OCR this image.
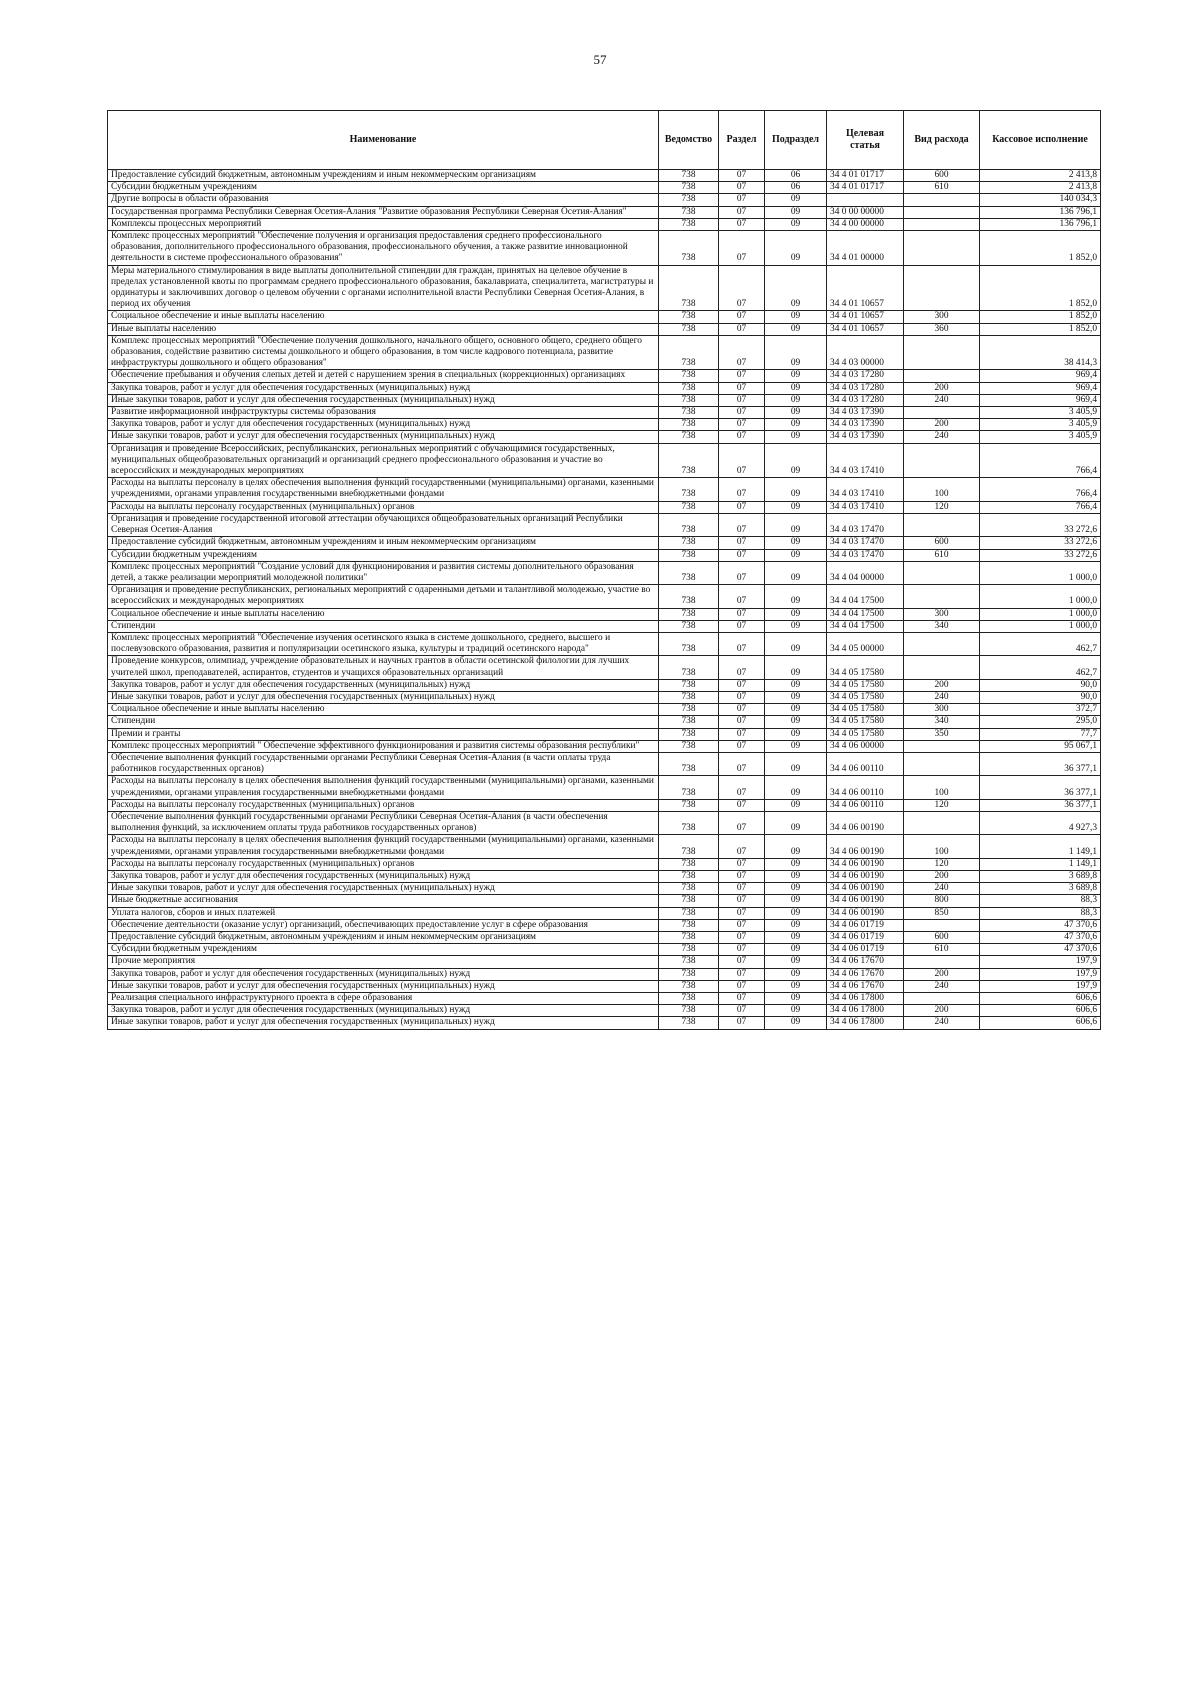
57
Наименование	Ведомство	Раздел	Подраздел	Целевая статья	Вид расхода	Кассовое исполнение
Предоставление субсидий бюджетным, автономным учреждениям и иным некоммерческим организациям	738	07	06	34 4 01 01717	600	2 413,8
Субсидии бюджетным учреждениям	738	07	06	34 4 01 01717	610	2 413,8
Другие вопросы в области образования	738	07	09			140 034,3
Государственная программа Республики Северная Осетия-Алания "Развитие образования Республики Северная Осетия-Алания"	738	07	09	34 0 00 00000		136 796,1
Комплексы процессных мероприятий	738	07	09	34 4 00 00000		136 796,1
Комплекс процессных мероприятий "Обеспечение получения и организация предоставления среднего профессионального образования, дополнительного профессионального образования, профессионального обучения, а также развитие инновационной деятельности в системе профессионального образования"	738	07	09	34 4 01 00000		1 852,0
Меры материального стимулирования в виде выплаты дополнительной стипендии для граждан, принятых на целевое обучение в пределах установленной квоты по программам среднего профессионального образования, бакалавриата, специалитета, магистратуры и ординатуры и заключивших договор о целевом обучении с органами исполнительной власти Республики Северная Осетия-Алания, в период их обучения	738	07	09	34 4 01 10657		1 852,0
Социальное обеспечение и иные выплаты населению	738	07	09	34 4 01 10657	300	1 852,0
Иные выплаты населению	738	07	09	34 4 01 10657	360	1 852,0
Комплекс процессных мероприятий "Обеспечение получения дошкольного, начального общего, основного общего, среднего общего образования, содействие развитию системы дошкольного и общего образования, в том числе кадрового потенциала, развитие инфраструктуры дошкольного и общего образования"	738	07	09	34 4 03 00000		38 414,3
Обеспечение пребывания и обучения слепых детей и детей с нарушением зрения в специальных (коррекционных) организациях	738	07	09	34 4 03 17280		969,4
Закупка товаров, работ и услуг для обеспечения государственных (муниципальных) нужд	738	07	09	34 4 03 17280	200	969,4
Иные закупки товаров, работ и услуг для обеспечения государственных (муниципальных) нужд	738	07	09	34 4 03 17280	240	969,4
Развитие информационной инфраструктуры системы образования	738	07	09	34 4 03 17390		3 405,9
Закупка товаров, работ и услуг для обеспечения государственных (муниципальных) нужд	738	07	09	34 4 03 17390	200	3 405,9
Иные закупки товаров, работ и услуг для обеспечения государственных (муниципальных) нужд	738	07	09	34 4 03 17390	240	3 405,9
Организация и проведение Всероссийских, республиканских, региональных мероприятий с обучающимися государственных, муниципальных общеобразовательных организаций и организаций среднего профессионального образования и участие во всероссийских и международных мероприятиях	738	07	09	34 4 03 17410		766,4
Расходы на выплаты персоналу в целях обеспечения выполнения функций государственными (муниципальными) органами, казенными учреждениями, органами управления государственными внебюджетными фондами	738	07	09	34 4 03 17410	100	766,4
Расходы на выплаты персоналу государственных (муниципальных) органов	738	07	09	34 4 03 17410	120	766,4
Организация и проведение государственной итоговой аттестации обучающихся общеобразовательных организаций Республики Северная Осетия-Алания	738	07	09	34 4 03 17470		33 272,6
Предоставление субсидий бюджетным, автономным учреждениям и иным некоммерческим организациям	738	07	09	34 4 03 17470	600	33 272,6
Субсидии бюджетным учреждениям	738	07	09	34 4 03 17470	610	33 272,6
Комплекс процессных мероприятий "Создание условий для функционирования и развития системы дополнительного образования детей, а также реализации мероприятий молодежной политики"	738	07	09	34 4 04 00000		1 000,0
Организация и проведение республиканских, региональных мероприятий с одаренными детьми и талантливой молодежью, участие во всероссийских и международных мероприятиях	738	07	09	34 4 04 17500		1 000,0
Социальное обеспечение и иные выплаты населению	738	07	09	34 4 04 17500	300	1 000,0
Стипендии	738	07	09	34 4 04 17500	340	1 000,0
Комплекс процессных мероприятий "Обеспечение изучения осетинского языка в системе дошкольного, среднего, высшего и послевузовского образования, развития и популяризации осетинского языка, культуры и традиций осетинского народа"	738	07	09	34 4 05 00000		462,7
Проведение конкурсов, олимпиад, учреждение образовательных и научных грантов в области осетинской филологии для лучших учителей школ, преподавателей, аспирантов, студентов и учащихся образовательных организаций	738	07	09	34 4 05 17580		462,7
Закупка товаров, работ и услуг для обеспечения государственных (муниципальных) нужд	738	07	09	34 4 05 17580	200	90,0
Иные закупки товаров, работ и услуг для обеспечения государственных (муниципальных) нужд	738	07	09	34 4 05 17580	240	90,0
Социальное обеспечение и иные выплаты населению	738	07	09	34 4 05 17580	300	372,7
Стипендии	738	07	09	34 4 05 17580	340	295,0
Премии и гранты	738	07	09	34 4 05 17580	350	77,7
Комплекс процессных мероприятий " Обеспечение эффективного функционирования и развития системы образования республики"	738	07	09	34 4 06 00000		95 067,1
Обеспечение выполнения функций государственными органами Республики Северная Осетия-Алания (в части оплаты труда работников государственных органов)	738	07	09	34 4 06 00110		36 377,1
Расходы на выплаты персоналу в целях обеспечения выполнения функций государственными (муниципальными) органами, казенными учреждениями, органами управления государственными внебюджетными фондами	738	07	09	34 4 06 00110	100	36 377,1
Расходы на выплаты персоналу государственных (муниципальных) органов	738	07	09	34 4 06 00110	120	36 377,1
Обеспечение выполнения функций государственными органами Республики Северная Осетия-Алания (в части обеспечения выполнения функций, за исключением оплаты труда работников государственных органов)	738	07	09	34 4 06 00190		4 927,3
Расходы на выплаты персоналу в целях обеспечения выполнения функций государственными (муниципальными) органами, казенными учреждениями, органами управления государственными внебюджетными фондами	738	07	09	34 4 06 00190	100	1 149,1
Расходы на выплаты персоналу государственных (муниципальных) органов	738	07	09	34 4 06 00190	120	1 149,1
Закупка товаров, работ и услуг для обеспечения государственных (муниципальных) нужд	738	07	09	34 4 06 00190	200	3 689,8
Иные закупки товаров, работ и услуг для обеспечения государственных (муниципальных) нужд	738	07	09	34 4 06 00190	240	3 689,8
Иные бюджетные ассигнования	738	07	09	34 4 06 00190	800	88,3
Уплата налогов, сборов и иных платежей	738	07	09	34 4 06 00190	850	88,3
Обеспечение деятельности (оказание услуг) организаций, обеспечивающих предоставление услуг в сфере образования	738	07	09	34 4 06 01719		47 370,6
Предоставление субсидий бюджетным, автономным учреждениям и иным некоммерческим организациям	738	07	09	34 4 06 01719	600	47 370,6
Субсидии бюджетным учреждениям	738	07	09	34 4 06 01719	610	47 370,6
Прочие мероприятия	738	07	09	34 4 06 17670		197,9
Закупка товаров, работ и услуг для обеспечения государственных (муниципальных) нужд	738	07	09	34 4 06 17670	200	197,9
Иные закупки товаров, работ и услуг для обеспечения государственных (муниципальных) нужд	738	07	09	34 4 06 17670	240	197,9
Реализация специального инфраструктурного проекта в сфере образования	738	07	09	34 4 06 17800		606,6
Закупка товаров, работ и услуг для обеспечения государственных (муниципальных) нужд	738	07	09	34 4 06 17800	200	606,6
Иные закупки товаров, работ и услуг для обеспечения государственных (муниципальных) нужд	738	07	09	34 4 06 17800	240	606,6
